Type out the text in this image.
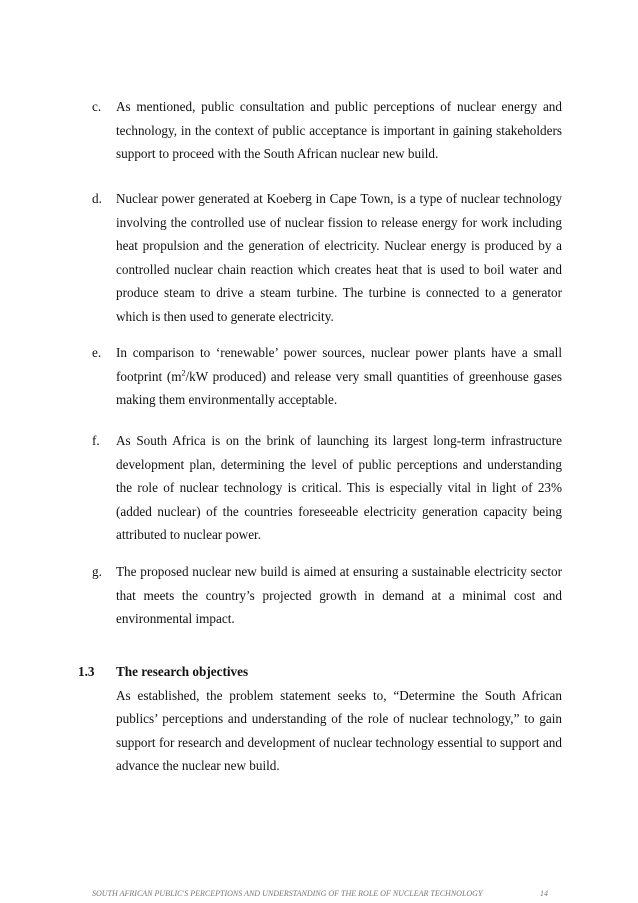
c.	As mentioned, public consultation and public perceptions of nuclear energy and technology, in the context of public acceptance is important in gaining stakeholders support to proceed with the South African nuclear new build.
d.	Nuclear power generated at Koeberg in Cape Town, is a type of nuclear technology involving the controlled use of nuclear fission to release energy for work including heat propulsion and the generation of electricity. Nuclear energy is produced by a controlled nuclear chain reaction which creates heat that is used to boil water and produce steam to drive a steam turbine. The turbine is connected to a generator which is then used to generate electricity.
e.	In comparison to ‘renewable’ power sources, nuclear power plants have a small footprint ($m^2/kW$ produced) and release very small quantities of greenhouse gases making them environmentally acceptable.
f.	As South Africa is on the brink of launching its largest long-term infrastructure development plan, determining the level of public perceptions and understanding the role of nuclear technology is critical. This is especially vital in light of 23% (added nuclear) of the countries foreseeable electricity generation capacity being attributed to nuclear power.
g.	The proposed nuclear new build is aimed at ensuring a sustainable electricity sector that meets the country’s projected growth in demand at a minimal cost and environmental impact.
1.3 The research objectives
As established, the problem statement seeks to, “Determine the South African publics’ perceptions and understanding of the role of nuclear technology,” to gain support for research and development of nuclear technology essential to support and advance the nuclear new build.
SOUTH AFRICAN PUBLIC'S PERCEPTIONS AND UNDERSTANDING OF THE ROLE OF NUCLEAR TECHNOLOGY	14
